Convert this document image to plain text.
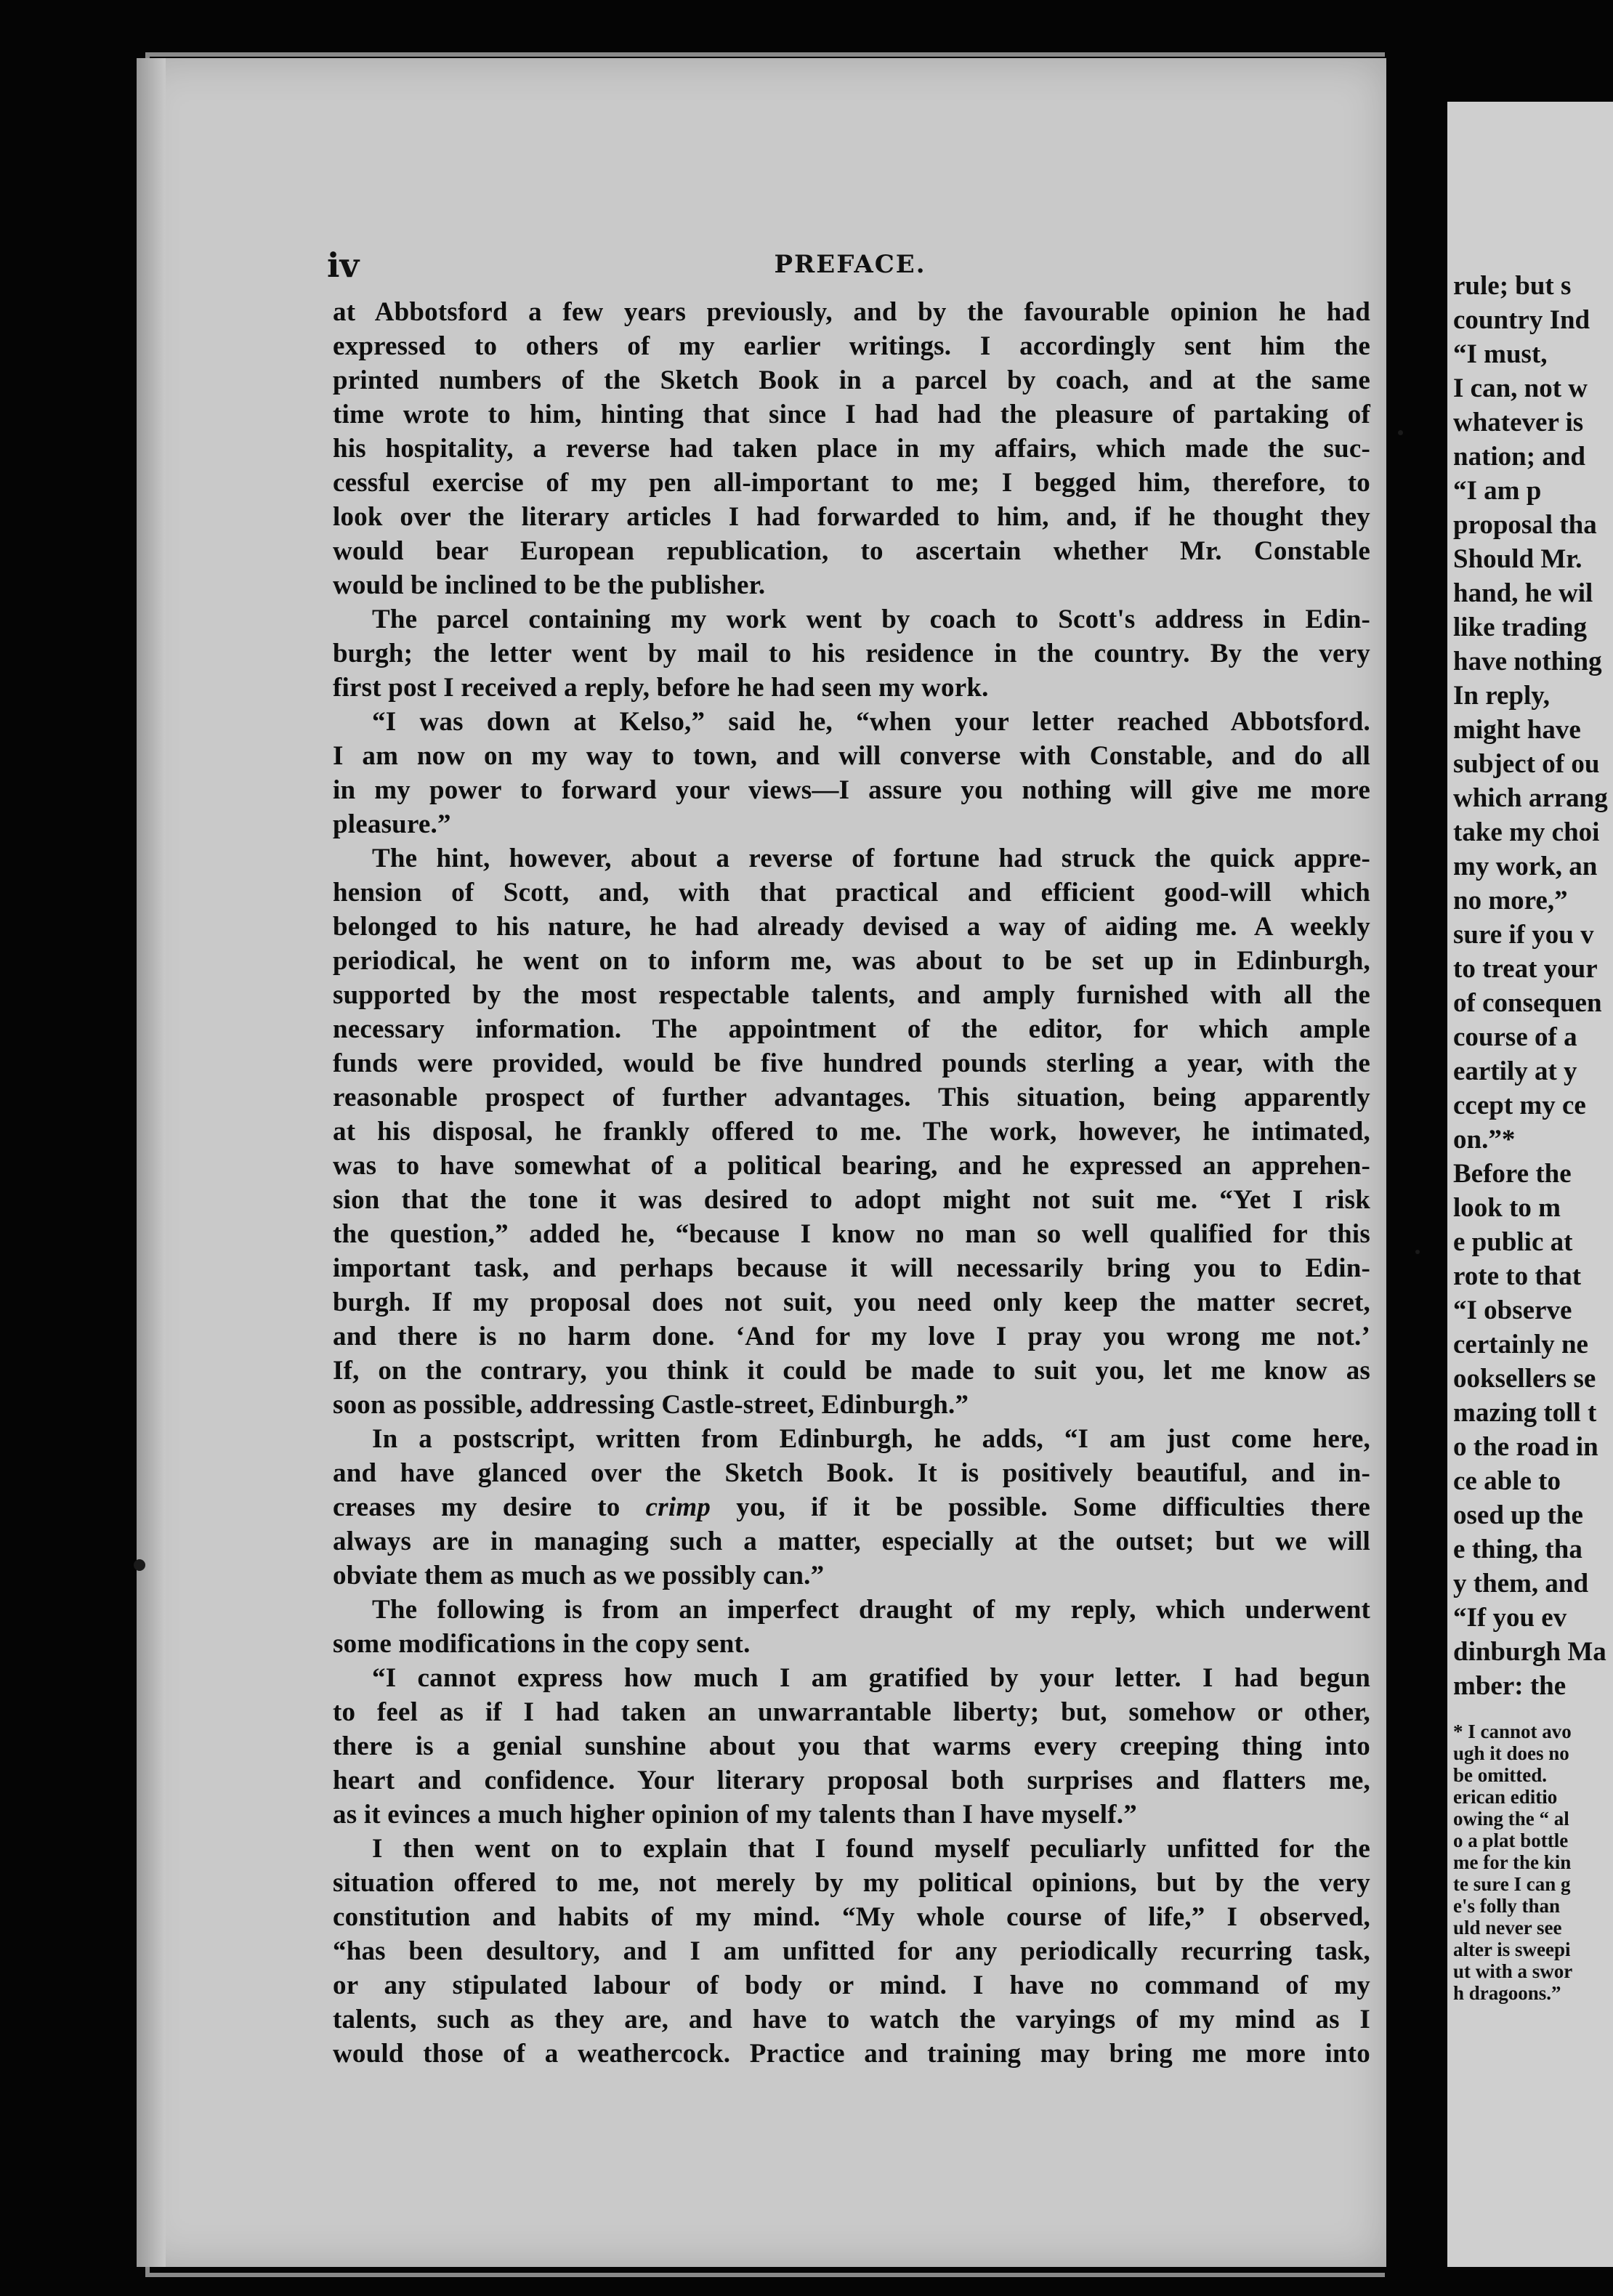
iv	PREFACE.
at Abbotsford a few years previously, and by the favourable opinion he had
expressed to others of my earlier writings. I accordingly sent him the
printed numbers of the Sketch Book in a parcel by coach, and at the same
time wrote to him, hinting that since I had had the pleasure of partaking of
his hospitality, a reverse had taken place in my affairs, which made the suc-
cessful exercise of my pen all-important to me; I begged him, therefore, to
look over the literary articles I had forwarded to him, and, if he thought they
would bear European republication, to ascertain whether Mr. Constable
would be inclined to be the publisher.
The parcel containing my work went by coach to Scott's address in Edin-
burgh; the letter went by mail to his residence in the country. By the very
first post I received a reply, before he had seen my work.
“I was down at Kelso,” said he, “when your letter reached Abbotsford.
I am now on my way to town, and will converse with Constable, and do all
in my power to forward your views—I assure you nothing will give me more
pleasure.”
The hint, however, about a reverse of fortune had struck the quick appre-
hension of Scott, and, with that practical and efficient good-will which
belonged to his nature, he had already devised a way of aiding me. A weekly
periodical, he went on to inform me, was about to be set up in Edinburgh,
supported by the most respectable talents, and amply furnished with all the
necessary information. The appointment of the editor, for which ample
funds were provided, would be five hundred pounds sterling a year, with the
reasonable prospect of further advantages. This situation, being apparently
at his disposal, he frankly offered to me. The work, however, he intimated,
was to have somewhat of a political bearing, and he expressed an apprehen-
sion that the tone it was desired to adopt might not suit me. “Yet I risk
the question,” added he, “because I know no man so well qualified for this
important task, and perhaps because it will necessarily bring you to Edin-
burgh. If my proposal does not suit, you need only keep the matter secret,
and there is no harm done. ‘And for my love I pray you wrong me not.’
If, on the contrary, you think it could be made to suit you, let me know as
soon as possible, addressing Castle-street, Edinburgh.”
In a postscript, written from Edinburgh, he adds, “I am just come here,
and have glanced over the Sketch Book. It is positively beautiful, and in-
creases my desire to crimp you, if it be possible. Some difficulties there
always are in managing such a matter, especially at the outset; but we will
obviate them as much as we possibly can.”
The following is from an imperfect draught of my reply, which underwent
some modifications in the copy sent.
“I cannot express how much I am gratified by your letter. I had begun
to feel as if I had taken an unwarrantable liberty; but, somehow or other,
there is a genial sunshine about you that warms every creeping thing into
heart and confidence. Your literary proposal both surprises and flatters me,
as it evinces a much higher opinion of my talents than I have myself.”
I then went on to explain that I found myself peculiarly unfitted for the
situation offered to me, not merely by my political opinions, but by the very
constitution and habits of my mind. “My whole course of life,” I observed,
“has been desultory, and I am unfitted for any periodically recurring task,
or any stipulated labour of body or mind. I have no command of my
talents, such as they are, and have to watch the varyings of my mind as I
would those of a weathercock. Practice and training may bring me more into
rule; but s
country Ind
“I must,
I can, not w
whatever is
nation; and
“I am p
proposal tha
Should Mr.
hand, he wil
like trading
have nothing
In reply,
might have
subject of ou
which arrang
take my choi
my work, an
no more,”
sure if you v
to treat your
of consequen
course of a
eartily at y
ccept my ce
on.”*
Before the
look to m
e public at
rote to that
“I observe
certainly ne
ooksellers se
mazing toll t
o the road in
ce able to
osed up the
e thing, tha
y them, and
“If you ev
dinburgh Ma
mber: the
* I cannot avo
ugh it does no
be omitted.
erican editio
owing the “ al
o a plat bottle
me for the kin
te sure I can g
e's folly than
uld never see
alter is sweepi
ut with a swor
h dragoons.”
